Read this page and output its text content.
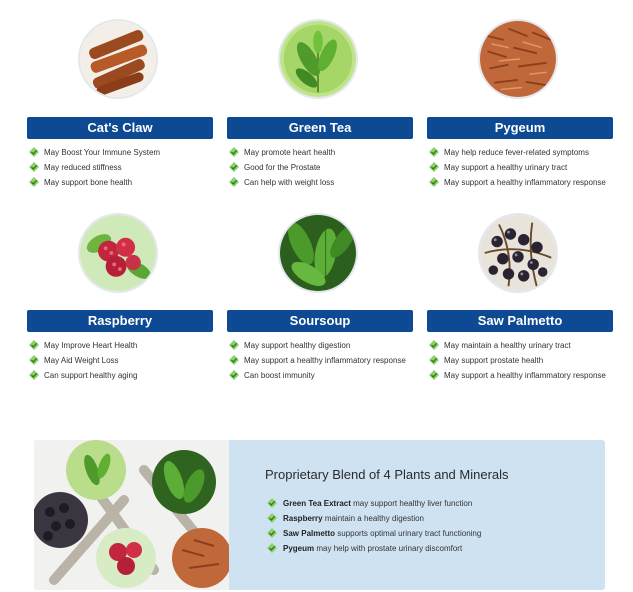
Cat's Claw
May Boost Your Immune System
May reduced stiffness
May support bone health
Green Tea
May promote heart health
Good for the Prostate
Can help with weight loss
Pygeum
May help reduce fever-related symptoms
May support a healthy urinary tract
May support a healthy inflammatory response
Raspberry
May Improve Heart Health
May Aid Weight Loss
Can support healthy aging
Soursoup
May support healthy digestion
May support a healthy inflammatory response
Can boost immunity
Saw Palmetto
May maintain a healthy urinary tract
May support prostate health
May support a healthy inflammatory response
Proprietary Blend of 4 Plants and Minerals
Green Tea Extract may support healthy liver function
Raspberry maintain a healthy digestion
Saw Palmetto supports optimal urinary tract functioning
Pygeum may help with prostate urinary discomfort
